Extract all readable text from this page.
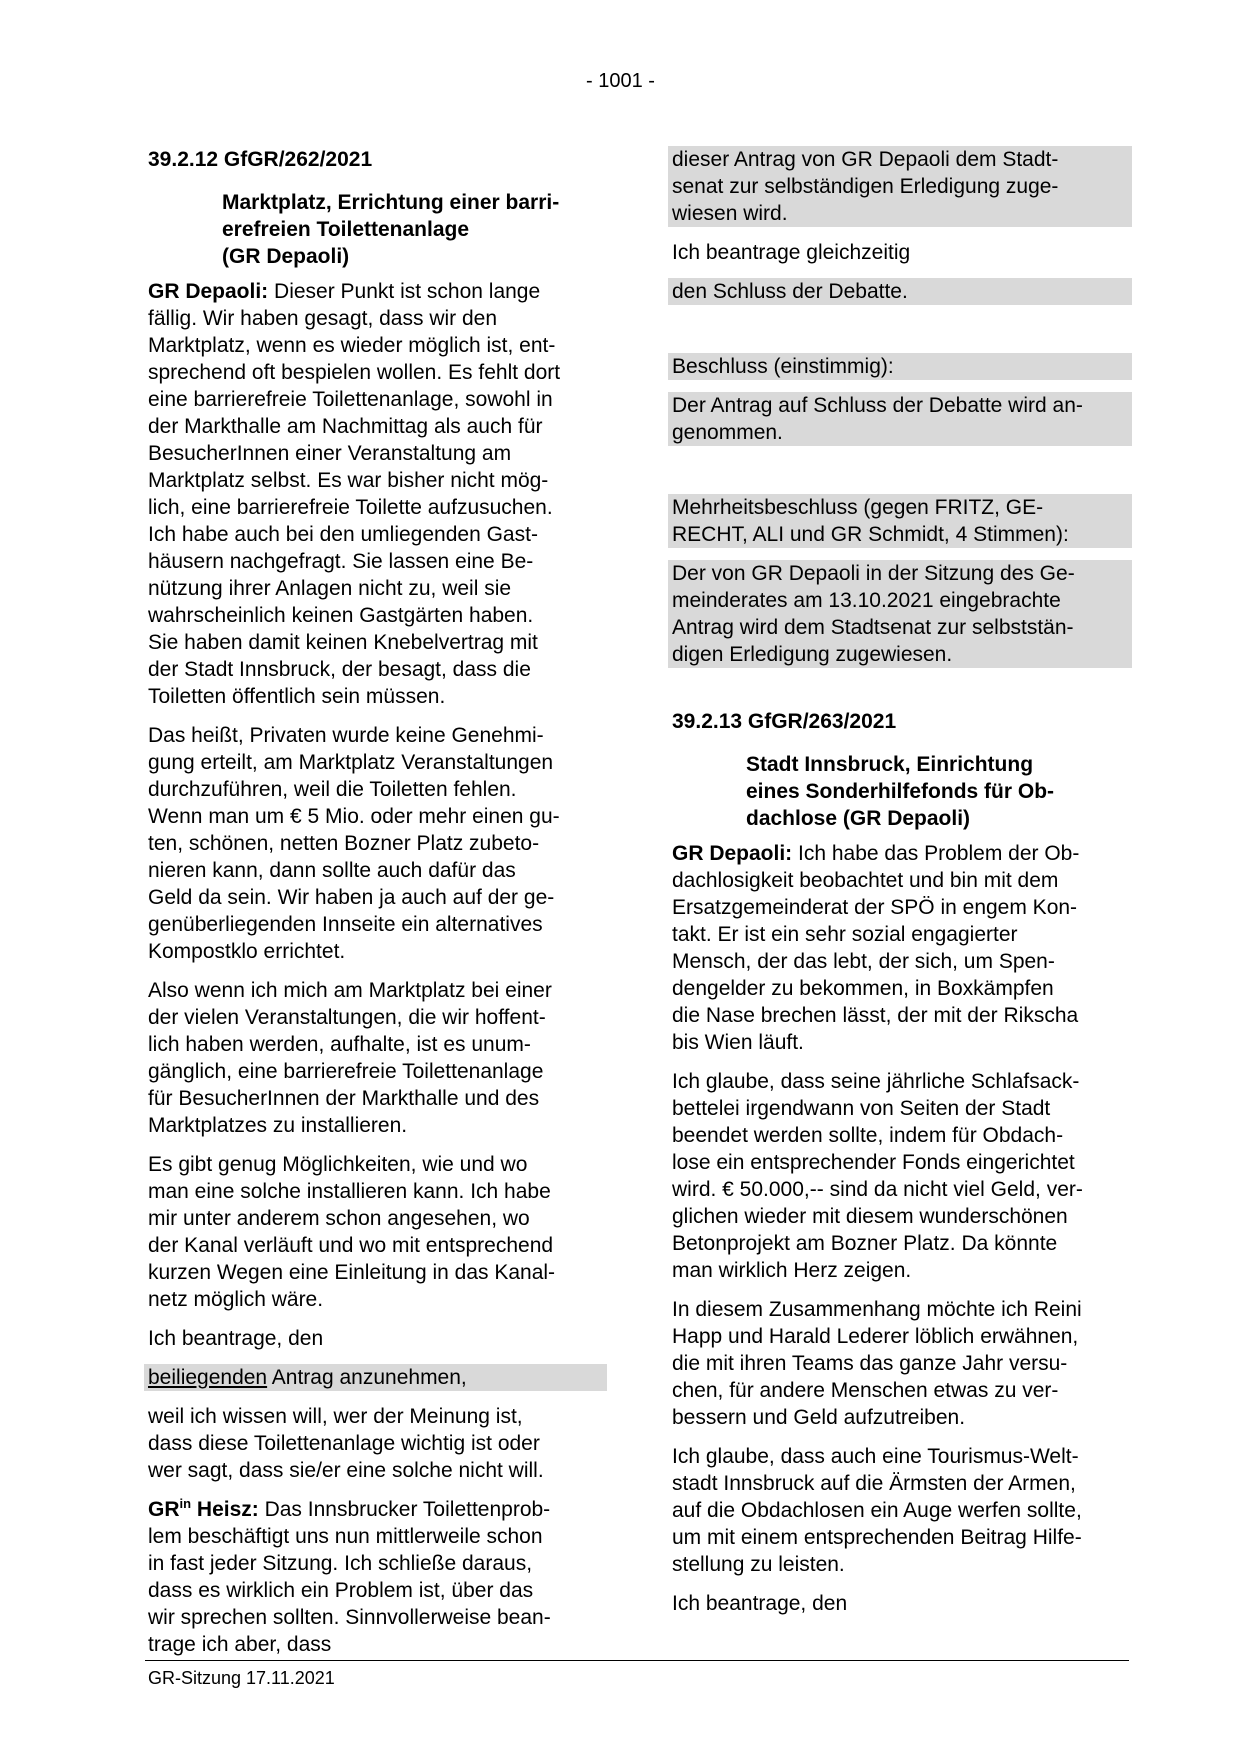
- 1001 -

39.2.12 GfGR/262/2021

Marktplatz, Errichtung einer barri-
erefreien Toilettenanlage
(GR Depaoli)

GR Depaoli: Dieser Punkt ist schon lange
fällig. Wir haben gesagt, dass wir den
Marktplatz, wenn es wieder möglich ist, ent-
sprechend oft bespielen wollen. Es fehlt dort
eine barrierefreie Toilettenanlage, sowohl in
der Markthalle am Nachmittag als auch für
BesucherInnen einer Veranstaltung am
Marktplatz selbst. Es war bisher nicht mög-
lich, eine barrierefreie Toilette aufzusuchen.
Ich habe auch bei den umliegenden Gast-
häusern nachgefragt. Sie lassen eine Be-
nützung ihrer Anlagen nicht zu, weil sie
wahrscheinlich keinen Gastgärten haben.
Sie haben damit keinen Knebelvertrag mit
der Stadt Innsbruck, der besagt, dass die
Toiletten öffentlich sein müssen.

Das heißt, Privaten wurde keine Genehmi-
gung erteilt, am Marktplatz Veranstaltungen
durchzuführen, weil die Toiletten fehlen.
Wenn man um € 5 Mio. oder mehr einen gu-
ten, schönen, netten Bozner Platz zubeto-
nieren kann, dann sollte auch dafür das
Geld da sein. Wir haben ja auch auf der ge-
genüberliegenden Innseite ein alternatives
Kompostklo errichtet.

Also wenn ich mich am Marktplatz bei einer
der vielen Veranstaltungen, die wir hoffent-
lich haben werden, aufhalte, ist es unum-
gänglich, eine barrierefreie Toilettenanlage
für BesucherInnen der Markthalle und des
Marktplatzes zu installieren.

Es gibt genug Möglichkeiten, wie und wo
man eine solche installieren kann. Ich habe
mir unter anderem schon angesehen, wo
der Kanal verläuft und wo mit entsprechend
kurzen Wegen eine Einleitung in das Kanal-
netz möglich wäre.

Ich beantrage, den

beiliegenden Antrag anzunehmen,

weil ich wissen will, wer der Meinung ist,
dass diese Toilettenanlage wichtig ist oder
wer sagt, dass sie/er eine solche nicht will.

$GR^{in}$ Heisz: Das Innsbrucker Toilettenprob-
lem beschäftigt uns nun mittlerweile schon
in fast jeder Sitzung. Ich schließe daraus,
dass es wirklich ein Problem ist, über das
wir sprechen sollten. Sinnvollerweise bean-
trage ich aber, dass

dieser Antrag von GR Depaoli dem Stadt-
senat zur selbständigen Erledigung zuge-
wiesen wird.

Ich beantrage gleichzeitig

den Schluss der Debatte.

Beschluss (einstimmig):

Der Antrag auf Schluss der Debatte wird an-
genommen.

Mehrheitsbeschluss (gegen FRITZ, GE-
RECHT, ALI und GR Schmidt, 4 Stimmen):

Der von GR Depaoli in der Sitzung des Ge-
meinderates am 13.10.2021 eingebrachte
Antrag wird dem Stadtsenat zur selbststän-
digen Erledigung zugewiesen.

39.2.13 GfGR/263/2021

Stadt Innsbruck, Einrichtung
eines Sonderhilfefonds für Ob-
dachlose (GR Depaoli)

GR Depaoli: Ich habe das Problem der Ob-
dachlosigkeit beobachtet und bin mit dem
Ersatzgemeinderat der SPÖ in engem Kon-
takt. Er ist ein sehr sozial engagierter
Mensch, der das lebt, der sich, um Spen-
dengelder zu bekommen, in Boxkämpfen
die Nase brechen lässt, der mit der Rikscha
bis Wien läuft.

Ich glaube, dass seine jährliche Schlafsack-
bettelei irgendwann von Seiten der Stadt
beendet werden sollte, indem für Obdach-
lose ein entsprechender Fonds eingerichtet
wird. € 50.000,-- sind da nicht viel Geld, ver-
glichen wieder mit diesem wunderschönen
Betonprojekt am Bozner Platz. Da könnte
man wirklich Herz zeigen.

In diesem Zusammenhang möchte ich Reini
Happ und Harald Lederer löblich erwähnen,
die mit ihren Teams das ganze Jahr versu-
chen, für andere Menschen etwas zu ver-
bessern und Geld aufzutreiben.

Ich glaube, dass auch eine Tourismus-Welt-
stadt Innsbruck auf die Ärmsten der Armen,
auf die Obdachlosen ein Auge werfen sollte,
um mit einem entsprechenden Beitrag Hilfe-
stellung zu leisten.

Ich beantrage, den

GR-Sitzung 17.11.2021
